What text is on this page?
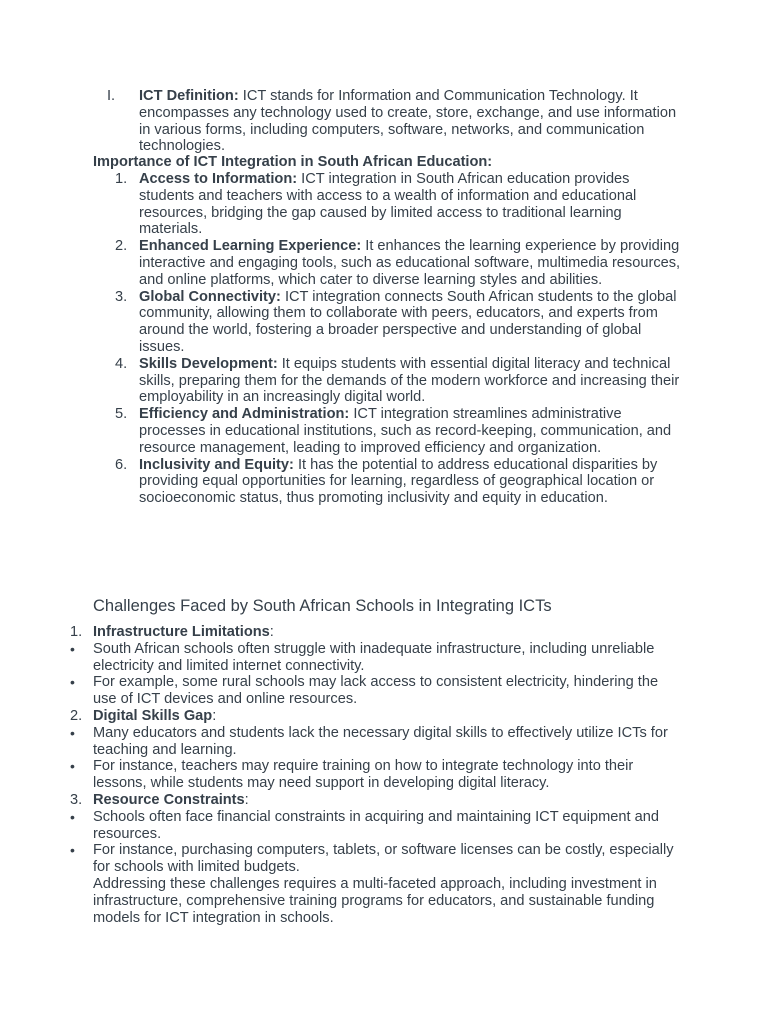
I. ICT Definition: ICT stands for Information and Communication Technology. It encompasses any technology used to create, store, exchange, and use information in various forms, including computers, software, networks, and communication technologies.
Importance of ICT Integration in South African Education:
1. Access to Information: ICT integration in South African education provides students and teachers with access to a wealth of information and educational resources, bridging the gap caused by limited access to traditional learning materials.
2. Enhanced Learning Experience: It enhances the learning experience by providing interactive and engaging tools, such as educational software, multimedia resources, and online platforms, which cater to diverse learning styles and abilities.
3. Global Connectivity: ICT integration connects South African students to the global community, allowing them to collaborate with peers, educators, and experts from around the world, fostering a broader perspective and understanding of global issues.
4. Skills Development: It equips students with essential digital literacy and technical skills, preparing them for the demands of the modern workforce and increasing their employability in an increasingly digital world.
5. Efficiency and Administration: ICT integration streamlines administrative processes in educational institutions, such as record-keeping, communication, and resource management, leading to improved efficiency and organization.
6. Inclusivity and Equity: It has the potential to address educational disparities by providing equal opportunities for learning, regardless of geographical location or socioeconomic status, thus promoting inclusivity and equity in education.
Challenges Faced by South African Schools in Integrating ICTs
1. Infrastructure Limitations:
• South African schools often struggle with inadequate infrastructure, including unreliable electricity and limited internet connectivity.
• For example, some rural schools may lack access to consistent electricity, hindering the use of ICT devices and online resources.
2. Digital Skills Gap:
• Many educators and students lack the necessary digital skills to effectively utilize ICTs for teaching and learning.
• For instance, teachers may require training on how to integrate technology into their lessons, while students may need support in developing digital literacy.
3. Resource Constraints:
• Schools often face financial constraints in acquiring and maintaining ICT equipment and resources.
• For instance, purchasing computers, tablets, or software licenses can be costly, especially for schools with limited budgets.
Addressing these challenges requires a multi-faceted approach, including investment in infrastructure, comprehensive training programs for educators, and sustainable funding models for ICT integration in schools.
